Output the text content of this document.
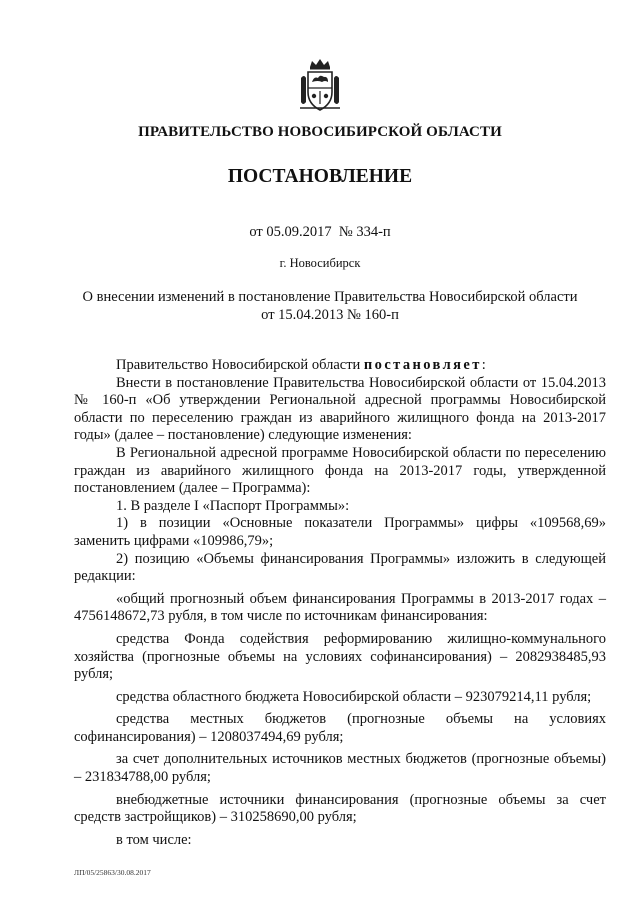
ПРАВИТЕЛЬСТВО НОВОСИБИРСКОЙ ОБЛАСТИ
ПОСТАНОВЛЕНИЕ
от 05.09.2017 № 334-п
г. Новосибирск
О внесении изменений в постановление Правительства Новосибирской области
от 15.04.2013 № 160-п

Правительство Новосибирской области постановляет:

Внести в постановление Правительства Новосибирской области от 15.04.2013 № 160-п «Об утверждении Региональной адресной программы Новосибирской области по переселению граждан из аварийного жилищного фонда на 2013-2017 годы» (далее – постановление) следующие изменения:

В Региональной адресной программе Новосибирской области по переселению граждан из аварийного жилищного фонда на 2013-2017 годы, утвержденной постановлением (далее – Программа):

1. В разделе I «Паспорт Программы»:

1) в позиции «Основные показатели Программы» цифры «109568,69» заменить цифрами «109986,79»;

2) позицию «Объемы финансирования Программы» изложить в следующей редакции:

«общий прогнозный объем финансирования Программы в 2013-2017 годах – 4756148672,73 рубля, в том числе по источникам финансирования:

средства Фонда содействия реформированию жилищно-коммунального хозяйства (прогнозные объемы на условиях софинансирования) – 2082938485,93 рубля;

средства областного бюджета Новосибирской области – 923079214,11 рубля;

средства местных бюджетов (прогнозные объемы на условиях софинансирования) – 1208037494,69 рубля;

за счет дополнительных источников местных бюджетов (прогнозные объемы) – 231834788,00 рубля;

внебюджетные источники финансирования (прогнозные объемы за счет средств застройщиков) – 310258690,00 рубля;

в том числе:

ЛП/05/25863/30.08.2017
